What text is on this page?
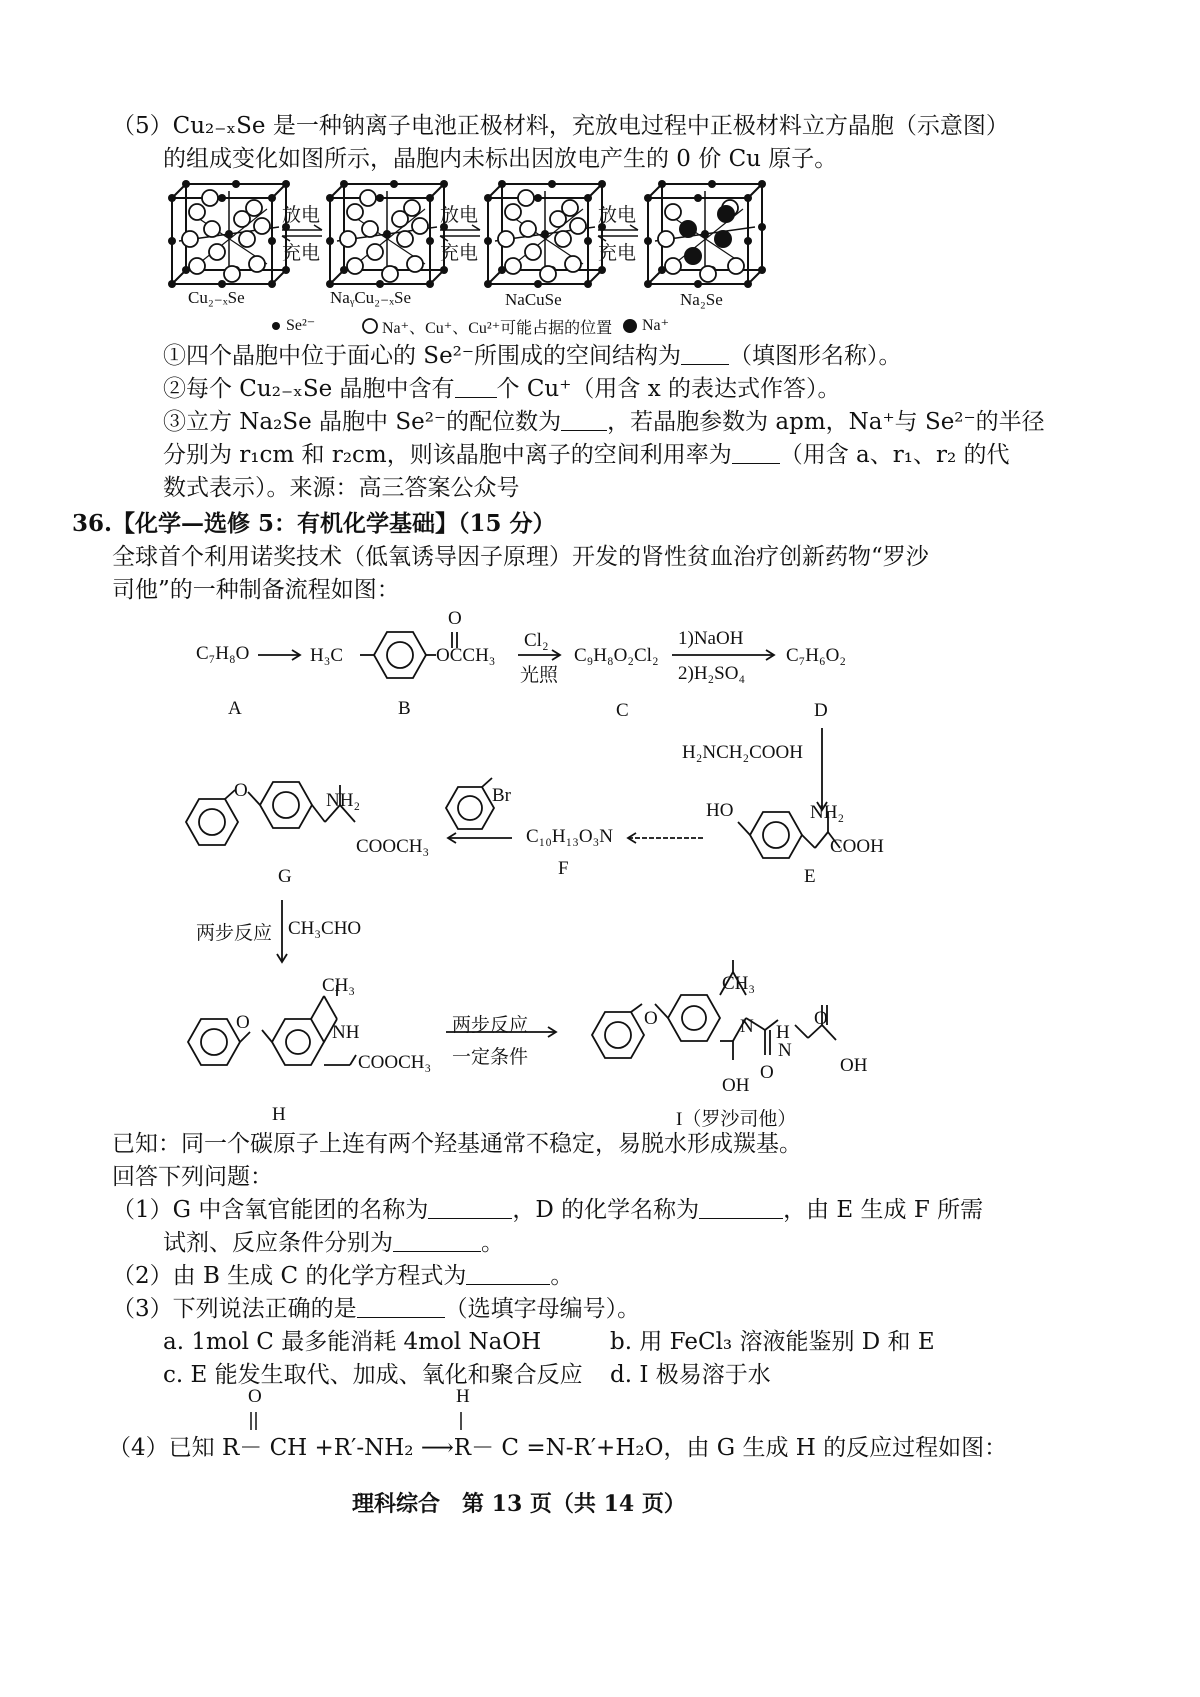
（5）Cu₂₋ₓSe 是一种钠离子电池正极材料，充放电过程中正极材料立方晶胞（示意图）
的组成变化如图所示，晶胞内未标出因放电产生的 0 价 Cu 原子。
放电
充电
放电
充电
放电
充电
Cu₂₋ₓSe	NaᵧCu₂₋ₓSe	NaCuSe	Na₂Se
Se²⁻	Na⁺、Cu⁺、Cu²⁺可能占据的位置 Na⁺
①四个晶胞中位于面心的 Se²⁻所围成的空间结构为 （填图形名称）。
②每个 Cu₂₋ₓSe 晶胞中含有 个 Cu⁺（用含 x 的表达式作答）。
③立方 Na₂Se 晶胞中 Se²⁻的配位数为 ，若晶胞参数为 apm，Na⁺与 Se²⁻的半径
分别为 r₁cm 和 r₂cm，则该晶胞中离子的空间利用率为 （用含 a、r₁、r₂ 的代
数式表示）。来源：高三答案公众号
36.【化学—选修 5：有机化学基础】（15 分）
全球首个利用诺奖技术（低氧诱导因子原理）开发的肾性贫血治疗创新药物“罗沙
司他”的一种制备流程如图：
C₇H₈O	H₃C
O
OCCH₃
Cl₂
光照
C₉H₈O₂Cl₂
1)NaOH
2)H₂SO₄
C₇H₆O₂
A	B	C	D
H₂NCH₂COOH
HO	NH₂
COOH
E
C₁₀H₁₃O₃N
F
Br
O	NH₂
COOCH₃
G
两步反应 CH₃CHO
CH₃
O	NH
COOCH₃
H
两步反应
一定条件
CH₃
O	N H
N
O
OH
OH
O
I（罗沙司他）
已知：同一个碳原子上连有两个羟基通常不稳定，易脱水形成羰基。
回答下列问题：
（1）G 中含氧官能团的名称为	，D 的化学名称为	，由 E 生成 F 所需
试剂、反应条件分别为	。
（2）由 B 生成 C 的化学方程式为	。
（3）下列说法正确的是	（选填字母编号）。
a. 1mol C 最多能消耗 4mol NaOH	b. 用 FeCl₃ 溶液能鉴别 D 和 E
c. E 能发生取代、加成、氧化和聚合反应 d. I 极易溶于水
O	H
（4）已知 R－ CH +R′-NH₂ ⟶R－ C =N-R′+H₂O，由 G 生成 H 的反应过程如图：
理科综合　第 13 页（共 14 页）
